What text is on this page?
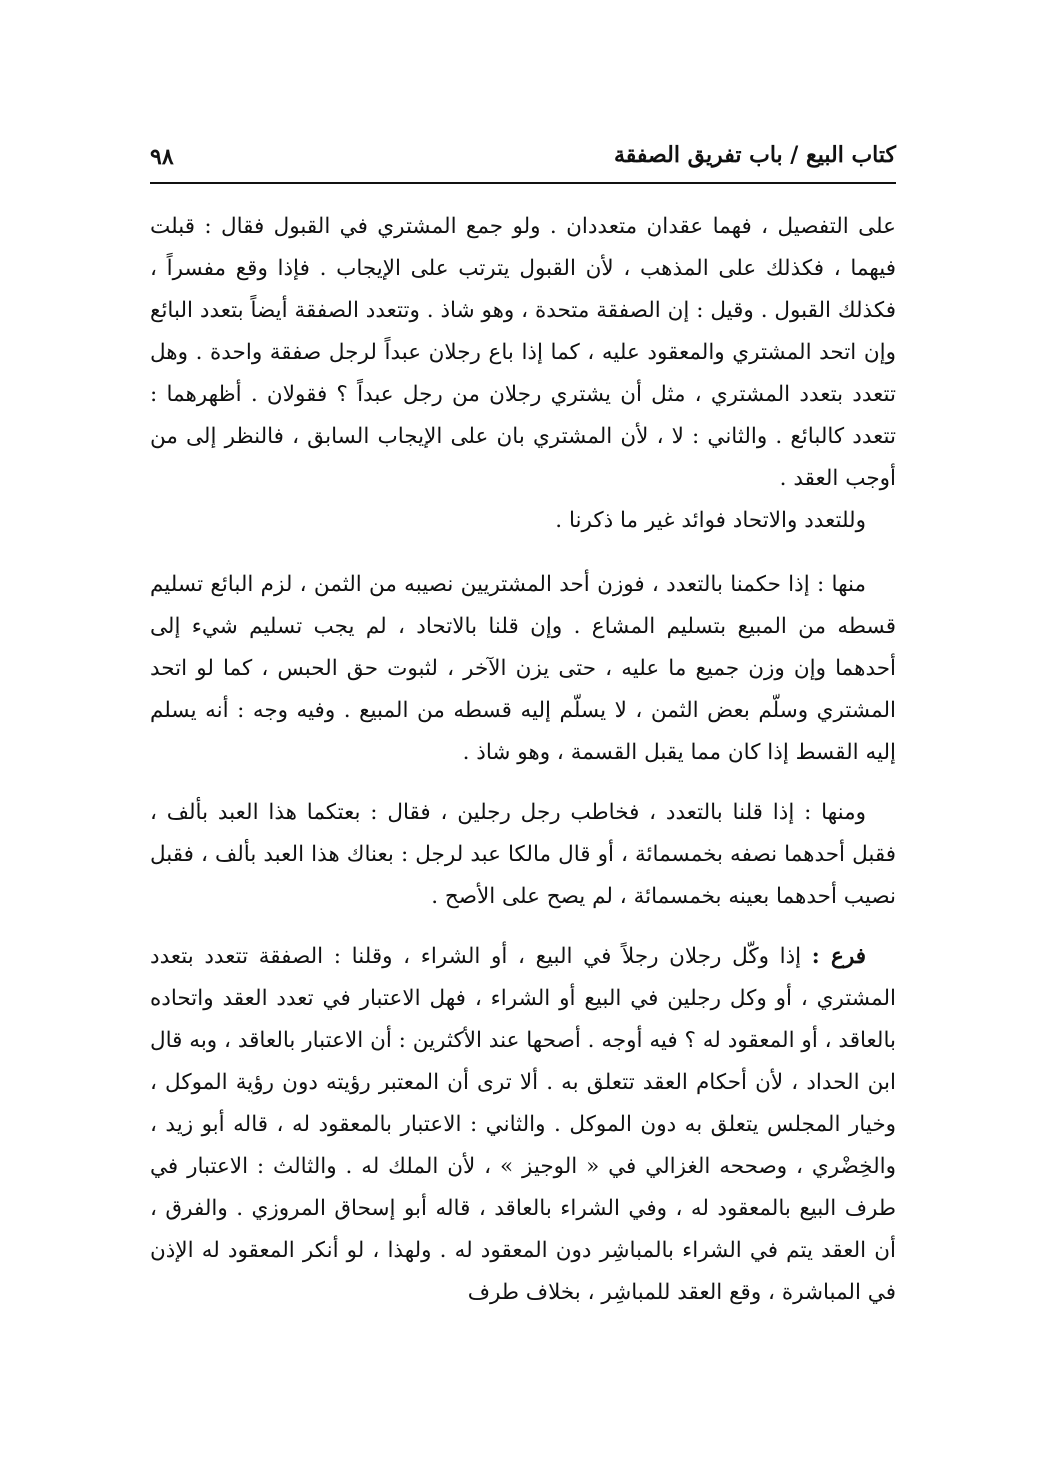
كتاب البيع / باب تفريق الصفقة
٩٨

على التفصيل ، فهما عقدان متعددان . ولو جمع المشتري في القبول فقال : قبلت فيهما ، فكذلك على المذهب ، لأن القبول يترتب على الإيجاب . فإذا وقع مفسراً ، فكذلك القبول . وقيل : إن الصفقة متحدة ، وهو شاذ . وتتعدد الصفقة أيضاً بتعدد البائع وإن اتحد المشتري والمعقود عليه ، كما إذا باع رجلان عبداً لرجل صفقة واحدة . وهل تتعدد بتعدد المشتري ، مثل أن يشتري رجلان من رجل عبداً ؟ فقولان . أظهرهما : تتعدد كالبائع . والثاني : لا ، لأن المشتري بان على الإيجاب السابق ، فالنظر إلى من أوجب العقد .

وللتعدد والاتحاد فوائد غير ما ذكرنا .

منها : إذا حكمنا بالتعدد ، فوزن أحد المشتريين نصيبه من الثمن ، لزم البائع تسليم قسطه من المبيع بتسليم المشاع . وإن قلنا بالاتحاد ، لم يجب تسليم شيء إلى أحدهما وإن وزن جميع ما عليه ، حتى يزن الآخر ، لثبوت حق الحبس ، كما لو اتحد المشتري وسلّم بعض الثمن ، لا يسلّم إليه قسطه من المبيع . وفيه وجه : أنه يسلم إليه القسط إذا كان مما يقبل القسمة ، وهو شاذ .

ومنها : إذا قلنا بالتعدد ، فخاطب رجل رجلين ، فقال : بعتكما هذا العبد بألف ، فقبل أحدهما نصفه بخمسمائة ، أو قال مالكا عبد لرجل : بعناك هذا العبد بألف ، فقبل نصيب أحدهما بعينه بخمسمائة ، لم يصح على الأصح .

فرع : إذا وكّل رجلان رجلاً في البيع ، أو الشراء ، وقلنا : الصفقة تتعدد بتعدد المشتري ، أو وكل رجلين في البيع أو الشراء ، فهل الاعتبار في تعدد العقد واتحاده بالعاقد ، أو المعقود له ؟ فيه أوجه . أصحها عند الأكثرين : أن الاعتبار بالعاقد ، وبه قال ابن الحداد ، لأن أحكام العقد تتعلق به . ألا ترى أن المعتبر رؤيته دون رؤية الموكل ، وخيار المجلس يتعلق به دون الموكل . والثاني : الاعتبار بالمعقود له ، قاله أبو زيد ، والخِضْري ، وصححه الغزالي في « الوجيز » ، لأن الملك له . والثالث : الاعتبار في طرف البيع بالمعقود له ، وفي الشراء بالعاقد ، قاله أبو إسحاق المروزي . والفرق ، أن العقد يتم في الشراء بالمباشِر دون المعقود له . ولهذا ، لو أنكر المعقود له الإذن في المباشرة ، وقع العقد للمباشِر ، بخلاف طرف
